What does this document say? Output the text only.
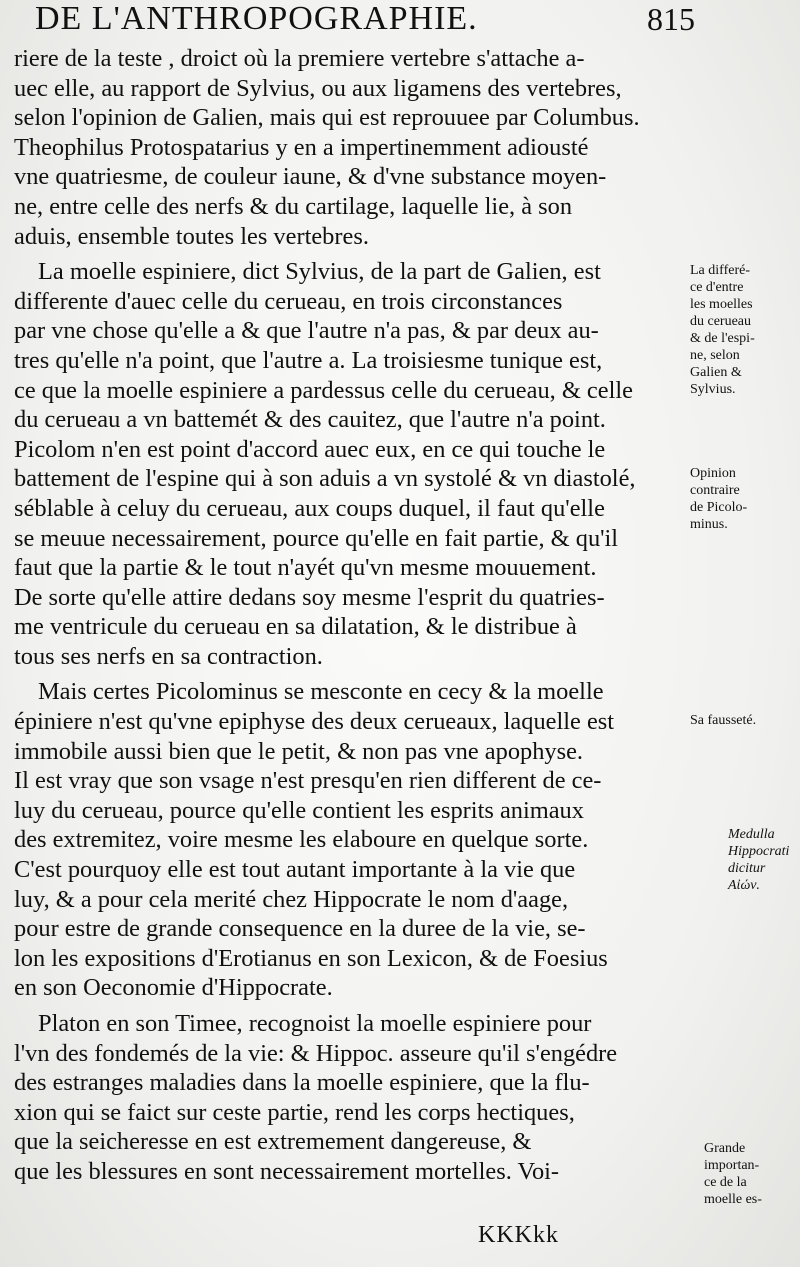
DE L'ANTHROPOGRAPHIE.	815
riere de la teste , droict où la premiere vertebre s'attache a-
uec elle, au rapport de Sylvius, ou aux ligamens des vertebres,
selon l'opinion de Galien, mais qui est reprouuee par Columbus.
Theophilus Protospatarius y en a impertinemment adiousté
vne quatriesme, de couleur iaune, & d'vne substance moyen-
ne, entre celle des nerfs & du cartilage, laquelle lie, à son
aduis, ensemble toutes les vertebres.
La moelle espiniere, dict Sylvius, de la part de Galien, est
differente d'auec celle du cerueau, en trois circonstances
par vne chose qu'elle a & que l'autre n'a pas, & par deux au-
tres qu'elle n'a point, que l'autre a. La troisiesme tunique est,
ce que la moelle espiniere a pardessus celle du cerueau, & celle
du cerueau a vn battemét & des cauitez, que l'autre n'a point.
Picolom n'en est point d'accord auec eux, en ce qui touche le
battement de l'espine qui à son aduis a vn systolé & vn diastolé,
séblable à celuy du cerueau, aux coups duquel, il faut qu'elle
se meuue necessairement, pource qu'elle en fait partie, & qu'il
faut que la partie & le tout n'ayét qu'vn mesme mouuement.
De sorte qu'elle attire dedans soy mesme l'esprit du quatries-
me ventricule du cerueau en sa dilatation, & le distribue à
tous ses nerfs en sa contraction.
Mais certes Picolominus se mesconte en cecy & la moelle
épiniere n'est qu'vne epiphyse des deux cerueaux, laquelle est
immobile aussi bien que le petit, & non pas vne apophyse.
Il est vray que son vsage n'est presqu'en rien different de ce-
luy du cerueau, pource qu'elle contient les esprits animaux
des extremitez, voire mesme les elaboure en quelque sorte.
C'est pourquoy elle est tout autant importante à la vie que
luy, & a pour cela merité chez Hippocrate le nom d'aage,
pour estre de grande consequence en la duree de la vie, se-
lon les expositions d'Erotianus en son Lexicon, & de Foesius
en son Oeconomie d'Hippocrate.
Platon en son Timee, recognoist la moelle espiniere pour
l'vn des fondemés de la vie: & Hippoc. asseure qu'il s'engédre
des estranges maladies dans la moelle espiniere, que la flu-
xion qui se faict sur ceste partie, rend les corps hectiques,
que la seicheresse en est extremement dangereuse, &
que les blessures en sont necessairement mortelles. Voi-
La differé-
ce d'entre
les moelles
du cerueau
& de l'espi-
ne, selon
Galien &
Sylvius.
Opinion
contraire
de Picolo-
minus.
Sa fausseté.
Medulla
Hippocrati
dicitur
Aἰών.
Grande
importan-
ce de la
moelle es-
KKKkk
